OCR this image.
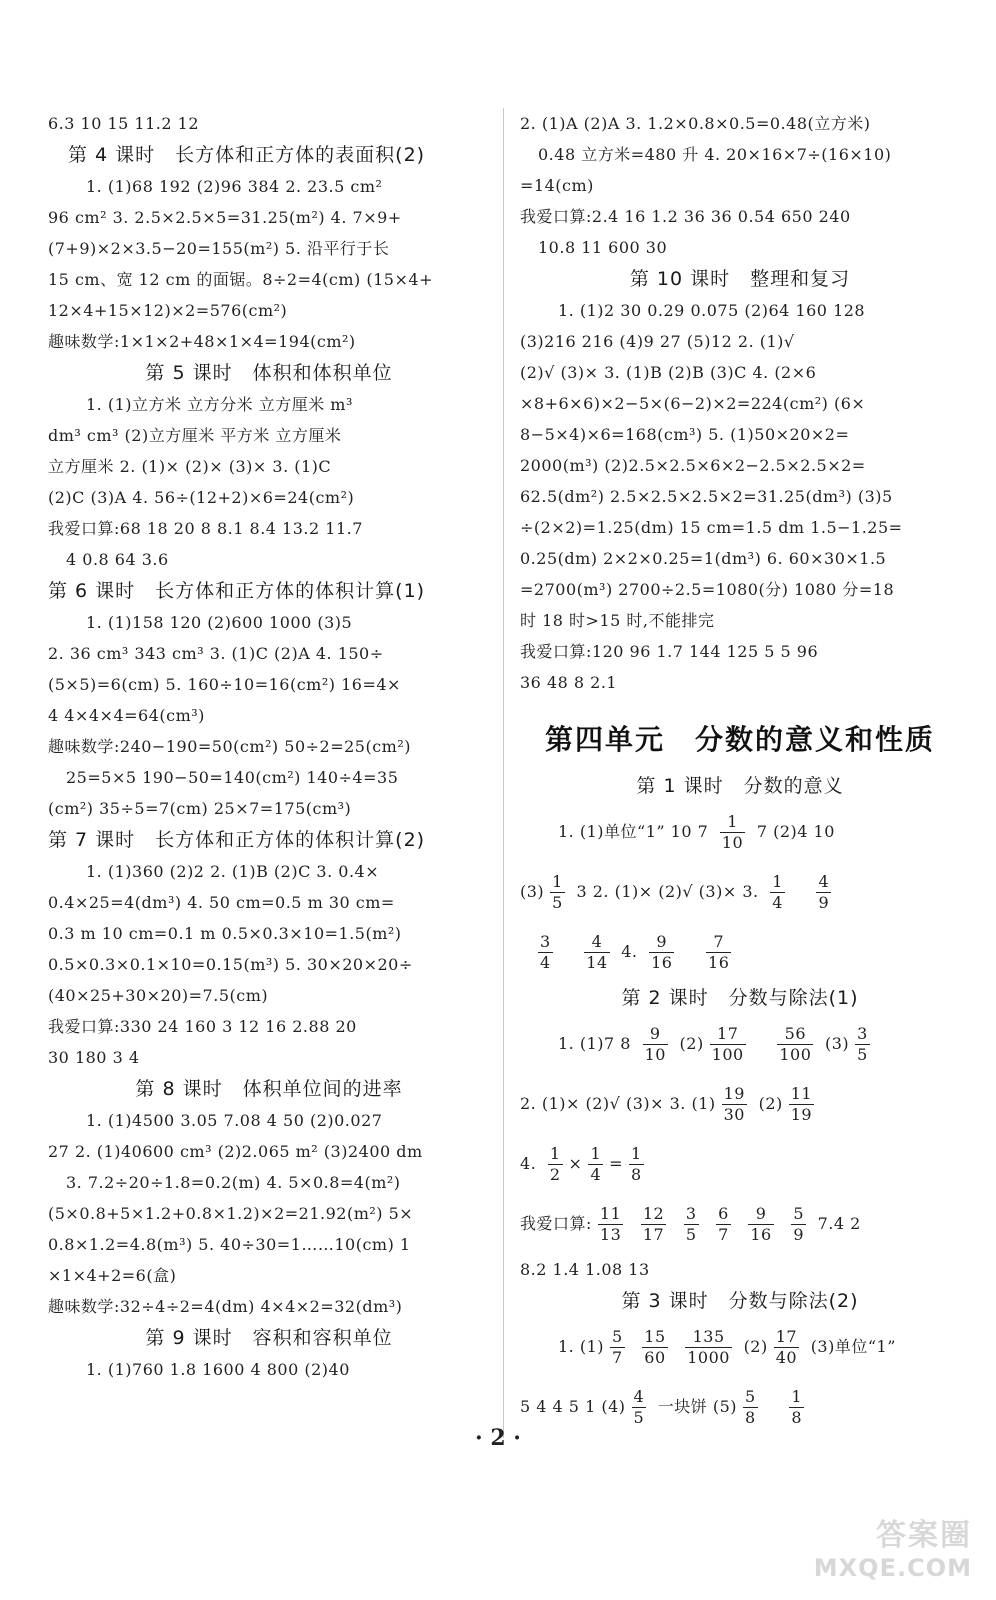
6.3 10 15 11.2 12
第 4 课时　长方体和正方体的表面积(2)
1. (1)68 192 (2)96 384 2. 23.5 cm²
96 cm² 3. 2.5×2.5×5=31.25(m²) 4. 7×9+
(7+9)×2×3.5−20=155(m²) 5. 沿平行于长
15 cm、宽 12 cm 的面锯。8÷2=4(cm) (15×4+
12×4+15×12)×2=576(cm²)
趣味数学:1×1×2+48×1×4=194(cm²)
第 5 课时　体积和体积单位
1. (1)立方米 立方分米 立方厘米 m³
dm³ cm³ (2)立方厘米 平方米 立方厘米
立方厘米 2. (1)× (2)× (3)× 3. (1)C
(2)C (3)A 4. 56÷(12+2)×6=24(cm²)
我爱口算:68 18 20 8 8.1 8.4 13.2 11.7
4 0.8 64 3.6
第 6 课时　长方体和正方体的体积计算(1)
1. (1)158 120 (2)600 1000 (3)5
2. 36 cm³ 343 cm³ 3. (1)C (2)A 4. 150÷
(5×5)=6(cm) 5. 160÷10=16(cm²) 16=4×
4 4×4×4=64(cm³)
趣味数学:240−190=50(cm²) 50÷2=25(cm²)
25=5×5 190−50=140(cm²) 140÷4=35
(cm²) 35÷5=7(cm) 25×7=175(cm³)
第 7 课时　长方体和正方体的体积计算(2)
1. (1)360 (2)2 2. (1)B (2)C 3. 0.4×
0.4×25=4(dm³) 4. 50 cm=0.5 m 30 cm=
0.3 m 10 cm=0.1 m 0.5×0.3×10=1.5(m²)
0.5×0.3×0.1×10=0.15(m³) 5. 30×20×20÷
(40×25+30×20)=7.5(cm)
我爱口算:330 24 160 3 12 16 2.88 20
30 180 3 4
第 8 课时　体积单位间的进率
1. (1)4500 3.05 7.08 4 50 (2)0.027
27 2. (1)40600 cm³ (2)2.065 m² (3)2400 dm
3. 7.2÷20÷1.8=0.2(m) 4. 5×0.8=4(m²)
(5×0.8+5×1.2+0.8×1.2)×2=21.92(m²) 5×
0.8×1.2=4.8(m³) 5. 40÷30=1……10(cm) 1
×1×4+2=6(盒)
趣味数学:32÷4÷2=4(dm) 4×4×2=32(dm³)
第 9 课时　容积和容积单位
1. (1)760 1.8 1600 4 800 (2)40
2. (1)A (2)A 3. 1.2×0.8×0.5=0.48(立方米)
0.48 立方米=480 升 4. 20×16×7÷(16×10)
=14(cm)
我爱口算:2.4 16 1.2 36 36 0.54 650 240
10.8 11 600 30
第 10 课时　整理和复习
1. (1)2 30 0.29 0.075 (2)64 160 128
(3)216 216 (4)9 27 (5)12 2. (1)√
(2)√ (3)× 3. (1)B (2)B (3)C 4. (2×6
×8+6×6)×2−5×(6−2)×2=224(cm²) (6×
8−5×4)×6=168(cm³) 5. (1)50×20×2=
2000(m³) (2)2.5×2.5×6×2−2.5×2.5×2=
62.5(dm²) 2.5×2.5×2.5×2=31.25(dm³) (3)5
÷(2×2)=1.25(dm) 15 cm=1.5 dm 1.5−1.25=
0.25(dm) 2×2×0.25=1(dm³) 6. 60×30×1.5
=2700(m³) 2700÷2.5=1080(分) 1080 分=18
时 18 时>15 时,不能排完
我爱口算:120 96 1.7 144 125 5 5 96
36 48 8 2.1
第四单元　分数的意义和性质
第 1 课时　分数的意义
1. (1)单位“1” 10 $7 \frac{1}{10} 7$ (2)4 10
$(3) \frac{1}{5} 3$ 2. (1)× (2)√ (3)× 3. $\frac{1}{4}$
$\frac{4}{9}$
$\frac{3}{4}$
$\frac{4}{14} 4$. $\frac{9}{16}$
$\frac{7}{16}$
第 2 课时　分数与除法(1)
1. (1)7 $8 \frac{9}{10} (2) \frac{17}{100}$
$\frac{56}{100} (3) \frac{3}{5}$
2. (1)× (2)√ (3)× 3. $(1) \frac{19}{30} (2) \frac{11}{19}$
4. $\frac{1}{2} \times \frac{1}{4} = \frac{1}{8}$
我爱口算: $\frac{11}{13}$
$\frac{12}{17}$
$\frac{3}{5}$
$\frac{6}{7}$
$\frac{9}{16}$
$\frac{5}{9} 7.4$ 2
8.2 1.4 1.08 13
第 3 课时　分数与除法(2)
1. $(1) \frac{5}{7}$
$\frac{15}{60}$
$\frac{135}{1000} (2) \frac{17}{40} (3)$单位“1”
5 4 4 5 1 $(4) \frac{4}{5}$ 一块饼 $(5) \frac{5}{8}$
$\frac{1}{8}$
· 2 ·
答案圈
MXQE.COM
